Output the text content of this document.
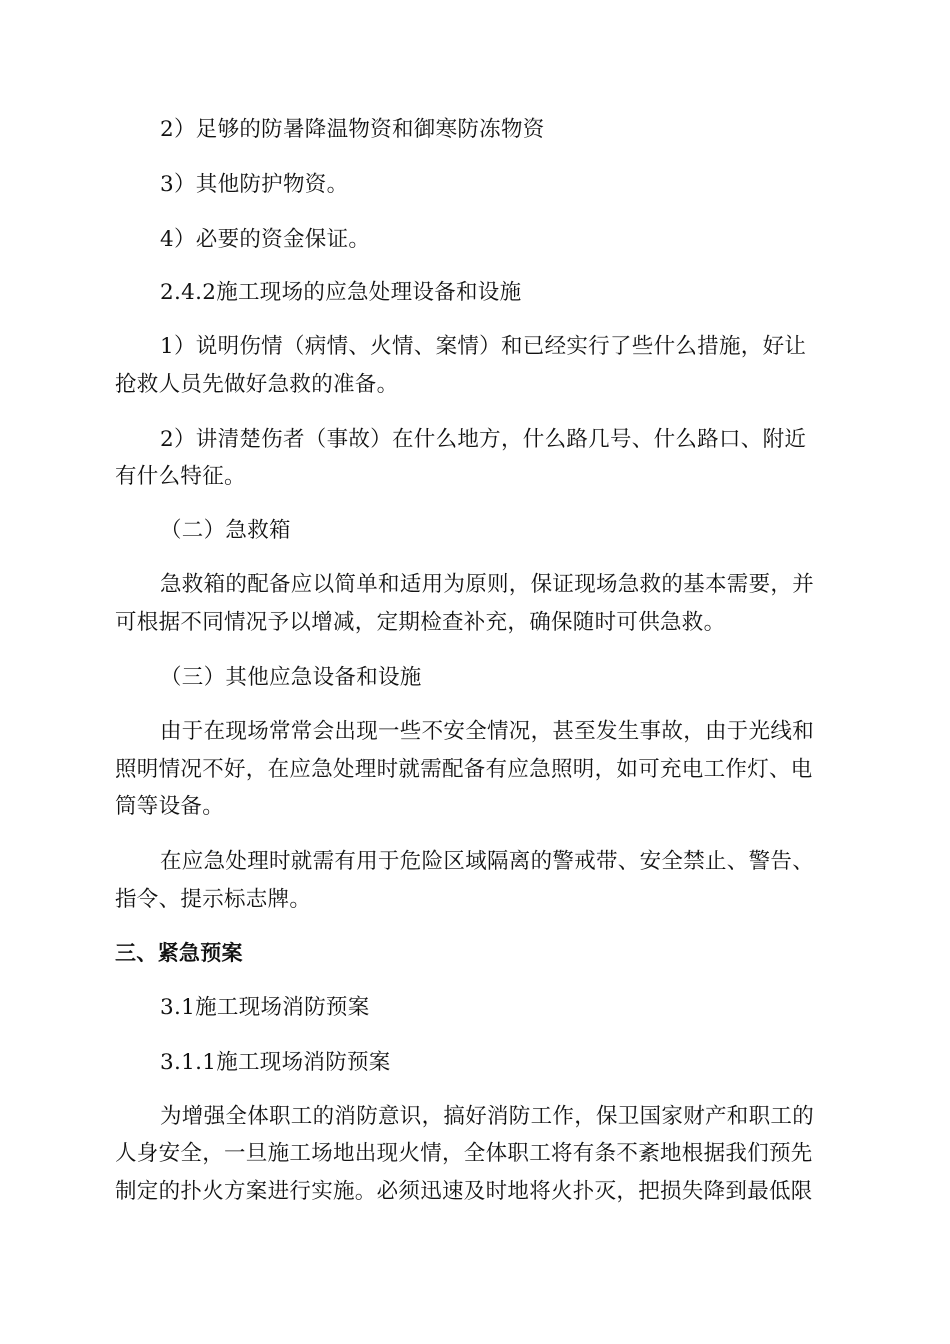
2）足够的防暑降温物资和御寒防冻物资
3）其他防护物资。
4）必要的资金保证。
2.4.2施工现场的应急处理设备和设施
1）说明伤情（病情、火情、案情）和已经实行了些什么措施，好让
抢救人员先做好急救的准备。
2）讲清楚伤者（事故）在什么地方，什么路几号、什么路口、附近
有什么特征。
（二）急救箱
急救箱的配备应以简单和适用为原则，保证现场急救的基本需要，并
可根据不同情况予以增减，定期检查补充，确保随时可供急救。
（三）其他应急设备和设施
由于在现场常常会出现一些不安全情况，甚至发生事故，由于光线和
照明情况不好，在应急处理时就需配备有应急照明，如可充电工作灯、电
筒等设备。
在应急处理时就需有用于危险区域隔离的警戒带、安全禁止、警告、
指令、提示标志牌。
三、紧急预案
3.1施工现场消防预案
3.1.1施工现场消防预案
为增强全体职工的消防意识，搞好消防工作，保卫国家财产和职工的
人身安全，一旦施工场地出现火情，全体职工将有条不紊地根据我们预先
制定的扑火方案进行实施。必须迅速及时地将火扑灭，把损失降到最低限
